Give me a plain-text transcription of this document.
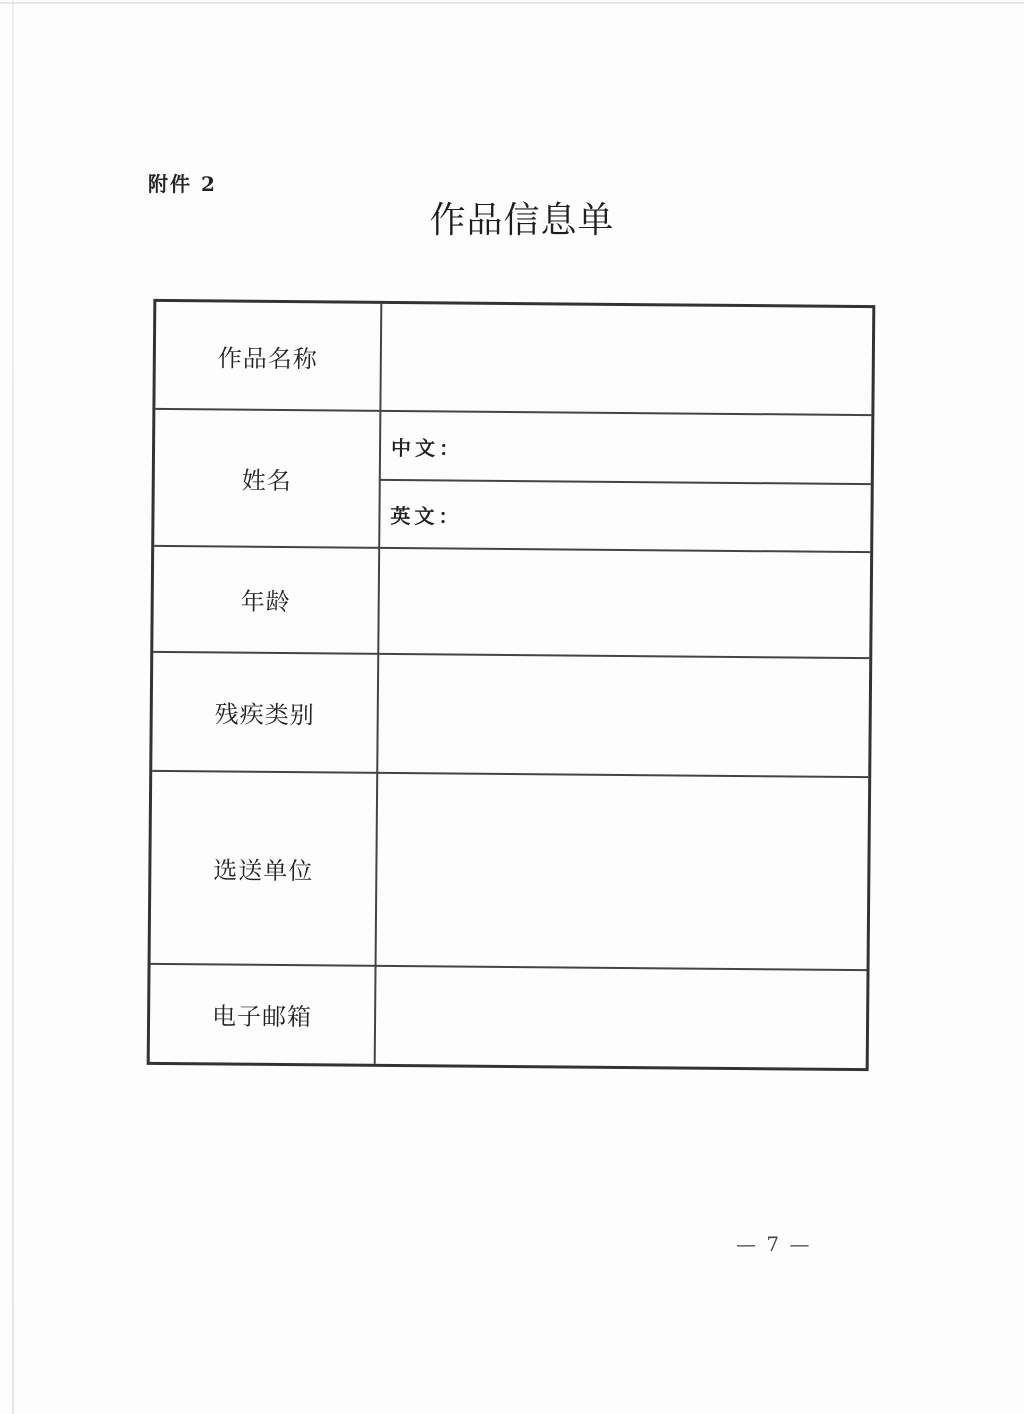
附件 2
作品信息单
作品名称
姓名
中文：
英文：
年龄
残疾类别
选送单位
电子邮箱
— 7 —
